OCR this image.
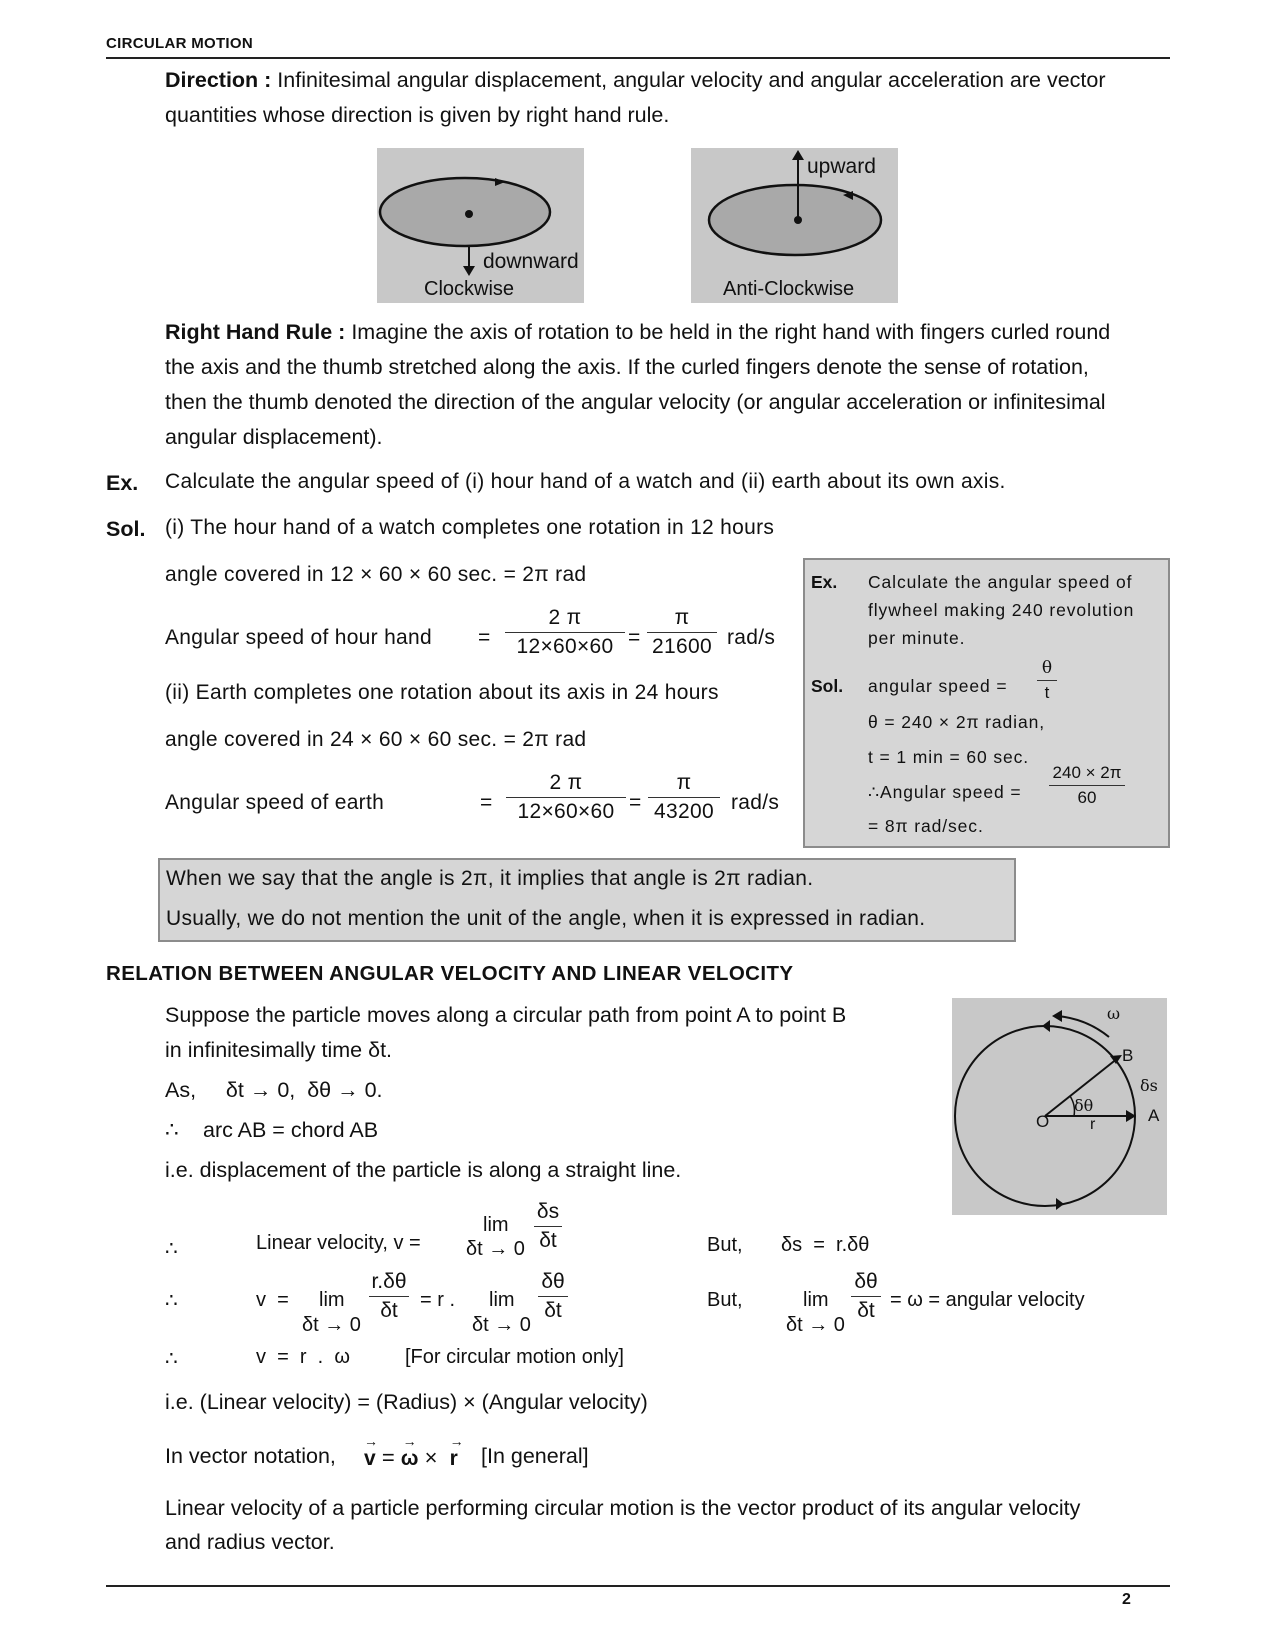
CIRCULAR MOTION
Direction : Infinitesimal angular displacement, angular velocity and angular acceleration are vector
quantities whose direction is given by right hand rule.
downward
Clockwise
upward
Anti-Clockwise
Right Hand Rule : Imagine the axis of rotation to be held in the right hand with fingers curled round
the axis and the thumb stretched along the axis. If the curled fingers denote the sense of rotation,
then the thumb denoted the direction of the angular velocity (or angular acceleration or infinitesimal
angular displacement).
Ex. Calculate the angular speed of (i) hour hand of a watch and (ii) earth about its own axis.
Sol. (i) The hour hand of a watch completes one rotation in 12 hours
angle covered in 12 × 60 × 60 sec. = 2π rad
Angular speed of hour hand =
2 π
12×60×60 =
π
21600 rad/s
(ii) Earth completes one rotation about its axis in 24 hours
angle covered in 24 × 60 × 60 sec. = 2π rad
Angular speed of earth	=
2 π
12×60×60 =
π
43200 rad/s
Ex. Calculate the angular speed of
flywheel making 240 revolution
per minute.
Sol. angular speed =
θ
t
θ = 240 × 2π radian,
t = 1 min = 60 sec.
∴Angular speed =
240 × 2π
60
= 8π rad/sec.
When we say that the angle is 2π, it implies that angle is 2π radian.
Usually, we do not mention the unit of the angle, when it is expressed in radian.
RELATION BETWEEN ANGULAR VELOCITY AND LINEAR VELOCITY
Suppose the particle moves along a circular path from point A to point B
in infinitesimally time δt.
As,     δt → 0,  δθ → 0.
∴ arc AB = chord AB
i.e. displacement of the particle is along a straight line.
ω
B
δs
δθ
O	A
r
∴	Linear velocity, v =
lim
δt → 0
δs
δt	But, δs  =  r.δθ
∴	v  = lim
δt → 0
r.δθ
δt	= r . lim
δt → 0
δθ
δt	But,	lim
δt → 0
δθ
δt = ω = angular velocity
∴	v  =  r  .  ω	[For circular motion only]
i.e. (Linear velocity) = (Radius) × (Angular velocity)
In vector notation,
→
v =
→
ω ×
→
r [In general]
Linear velocity of a particle performing circular motion is the vector product of its angular velocity
and radius vector.
2
